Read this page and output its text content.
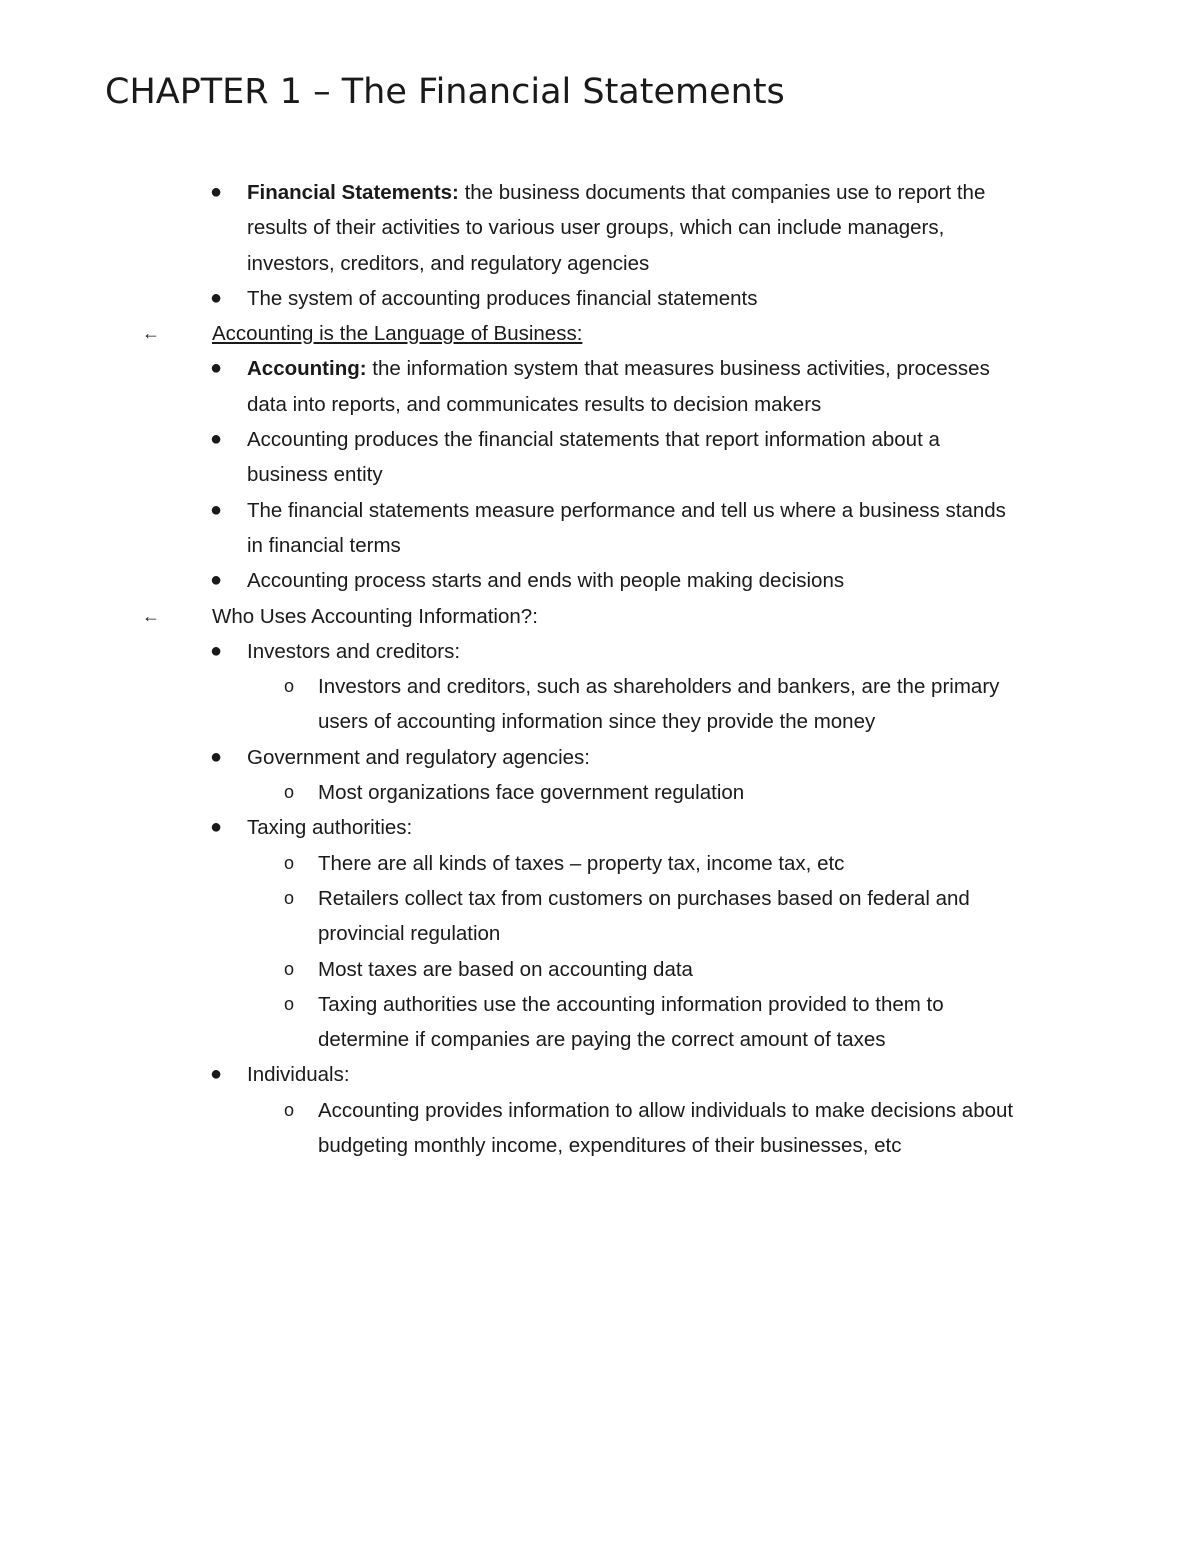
CHAPTER 1 – The Financial Statements
● Financial Statements: the business documents that companies use to report the
results of their activities to various user groups, which can include managers,
investors, creditors, and regulatory agencies
● The system of accounting produces financial statements
←	Accounting is the Language of Business:
● Accounting: the information system that measures business activities, processes
data into reports, and communicates results to decision makers
● Accounting produces the financial statements that report information about a
business entity
● The financial statements measure performance and tell us where a business stands
in financial terms
● Accounting process starts and ends with people making decisions
←	Who Uses Accounting Information?:
● Investors and creditors:
o Investors and creditors, such as shareholders and bankers, are the primary
users of accounting information since they provide the money
● Government and regulatory agencies:
o Most organizations face government regulation
● Taxing authorities:
o There are all kinds of taxes – property tax, income tax, etc
o Retailers collect tax from customers on purchases based on federal and
provincial regulation
o Most taxes are based on accounting data
o Taxing authorities use the accounting information provided to them to
determine if companies are paying the correct amount of taxes
● Individuals:
o Accounting provides information to allow individuals to make decisions about
budgeting monthly income, expenditures of their businesses, etc
